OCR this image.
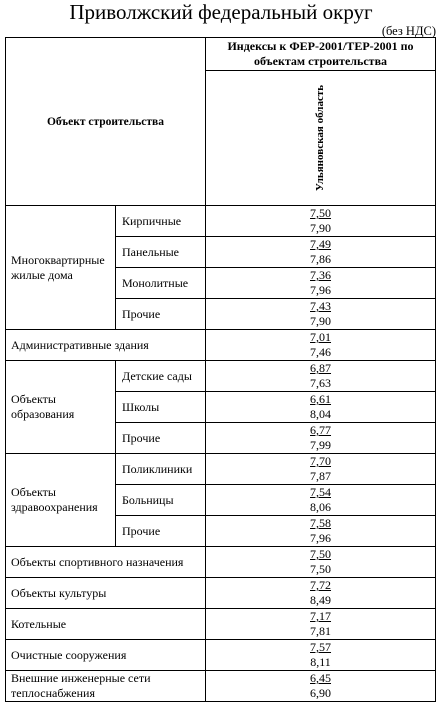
Приволжский федеральный округ
(без НДС)
Объект строительства		Индексы к ФЕР-2001/ТЕР-2001 по объектам строительства
		Ульяновская область
Многоквартирные жилые дома	Кирпичные	7,50
7,90

	Панельные	7,49
7,86

	Монолитные	7,36
7,96

	Прочие	7,43
7,90

Административные здания		7,01
7,46

Объекты образования	Детские сады	6,87
7,63

	Школы	6,61
8,04

	Прочие	6,77
7,99

Объекты здравоохранения	Поликлиники	7,70
7,87

	Больницы	7,54
8,06

	Прочие	7,58
7,96

Объекты спортивного назначения		7,50
7,50

Объекты культуры		7,72
8,49

Котельные		7,17
7,81

Очистные сооружения		7,57
8,11

Внешние инженерные сети теплоснабжения		6,45
6,90
